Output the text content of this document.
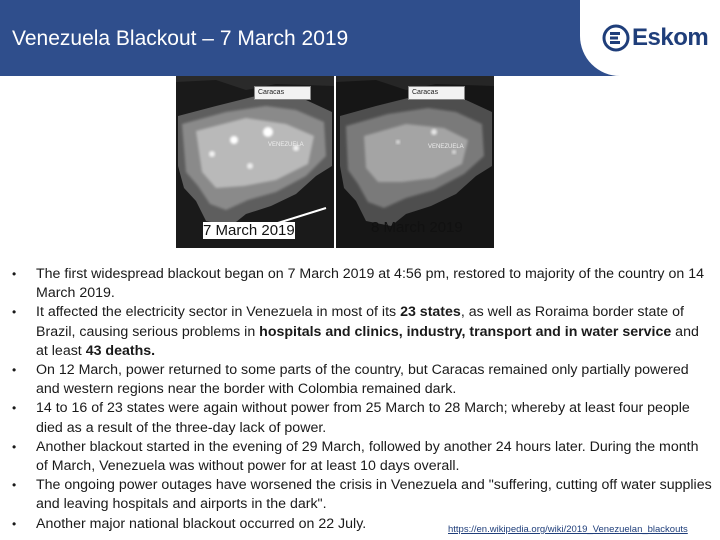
Venezuela Blackout – 7 March 2019	Eskom
Caracas
VENEZUELA
Caracas
VENEZUELA
7 March 2019	8 March 2019
• The first widespread blackout began on 7 March 2019 at 4:56 pm, restored to majority of the country on 14 March 2019.
• It affected the electricity sector in Venezuela in most of its 23 states, as well as Roraima border state of Brazil, causing serious problems in hospitals and clinics, industry, transport and in water service and at least 43 deaths.
• On 12 March, power returned to some parts of the country, but Caracas remained only partially powered and western regions near the border with Colombia remained dark.
• 14 to 16 of 23 states were again without power from 25 March to 28 March; whereby at least four people died as a result of the three-day lack of power.
• Another blackout started in the evening of 29 March, followed by another 24 hours later. During the month of March, Venezuela was without power for at least 10 days overall.
• The ongoing power outages have worsened the crisis in Venezuela and "suffering, cutting off water supplies and leaving hospitals and airports in the dark".
• Another major national blackout occurred on 22 July.	https://en.wikipedia.org/wiki/2019_Venezuelan_blackouts
